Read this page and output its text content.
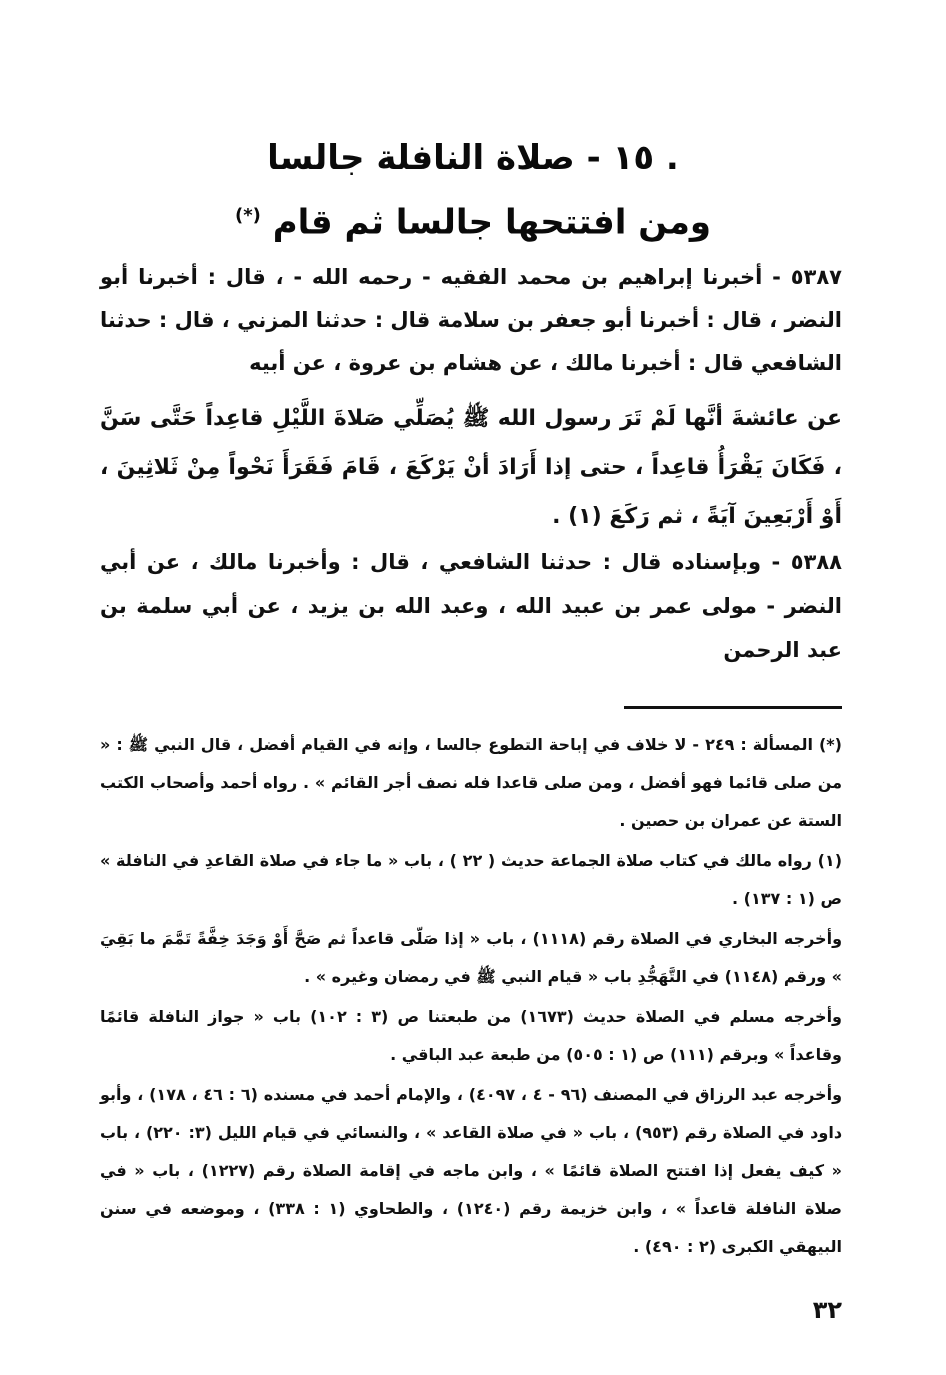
. ١٥ - صلاة النافلة جالسا
ومن افتتحها جالسا ثم قام (*)
٥٣٨٧ - أخبرنا إبراهيم بن محمد الفقيه - رحمه الله - ، قال : أخبرنا أبو النضر ، قال : أخبرنا أبو جعفر بن سلامة قال : حدثنا المزني ، قال : حدثنا الشافعي قال : أخبرنا مالك ، عن هشام بن عروة ، عن أبيه
عن عائشةَ أنَّها لَمْ تَرَ رسول الله ﷺ يُصَلِّي صَلاةَ اللَّيْلِ قاعِداً حَتَّى سَنَّ ، فَكَانَ يَقْرَأُ قاعِداً ، حتى إذا أَرَادَ أنْ يَرْكَعَ ، قَامَ فَقَرَأَ نَحْواً مِنْ ثَلاثِينَ ، أَوْ أَرْبَعِينَ آيَةً ، ثم رَكَعَ (١) .
٥٣٨٨ - وبإسناده قال : حدثنا الشافعي ، قال : وأخبرنا مالك ، عن أبي النضر - مولى عمر بن عبيد الله ، وعبد الله بن يزيد ، عن أبي سلمة بن عبد الرحمن
(*) المسألة : ٢٤٩ - لا خلاف في إباحة التطوع جالسا ، وإنه في القيام أفضل ، قال النبي ﷺ : « من صلى قائما فهو أفضل ، ومن صلى قاعدا فله نصف أجر القائم » . رواه أحمد وأصحاب الكتب الستة عن عمران بن حصين .
(١) رواه مالك في كتاب صلاة الجماعة حديث ( ٢٢ ) ، باب « ما جاء في صلاة القاعدِ في النافلة » ص (١ : ١٣٧) .
وأخرجه البخاري في الصلاة رقم (١١١٨) ، باب « إذا صَلّى قاعداً ثم صَحَّ أَوْ وَجَدَ خِفَّةً تَمَّمَ ما بَقِيَ » ورقم (١١٤٨) في التَّهَجُّدِ باب « قيام النبي ﷺ في رمضان وغيره » .
وأخرجه مسلم في الصلاة حديث (١٦٧٣) من طبعتنا ص (٣ : ١٠٢) باب « جواز النافلة قائمًا وقاعداً » وبرقم (١١١) ص (١ : ٥٠٥) من طبعة عبد الباقي .
وأخرجه عبد الرزاق في المصنف (٩٦ - ٤ ، ٤٠٩٧) ، والإمام أحمد في مسنده (٦ : ٤٦ ، ١٧٨) ، وأبو داود في الصلاة رقم (٩٥٣) ، باب « في صلاة القاعد » ، والنسائي في قيام الليل (٣: ٢٢٠) ، باب « كيف يفعل إذا افتتح الصلاة قائمًا » ، وابن ماجه في إقامة الصلاة رقم (١٢٢٧) ، باب « في صلاة النافلة قاعداً » ، وابن خزيمة رقم (١٢٤٠) ، والطحاوي (١ : ٣٣٨) ، وموضعه في سنن البيهقي الكبرى (٢ : ٤٩٠) .
٣٢
